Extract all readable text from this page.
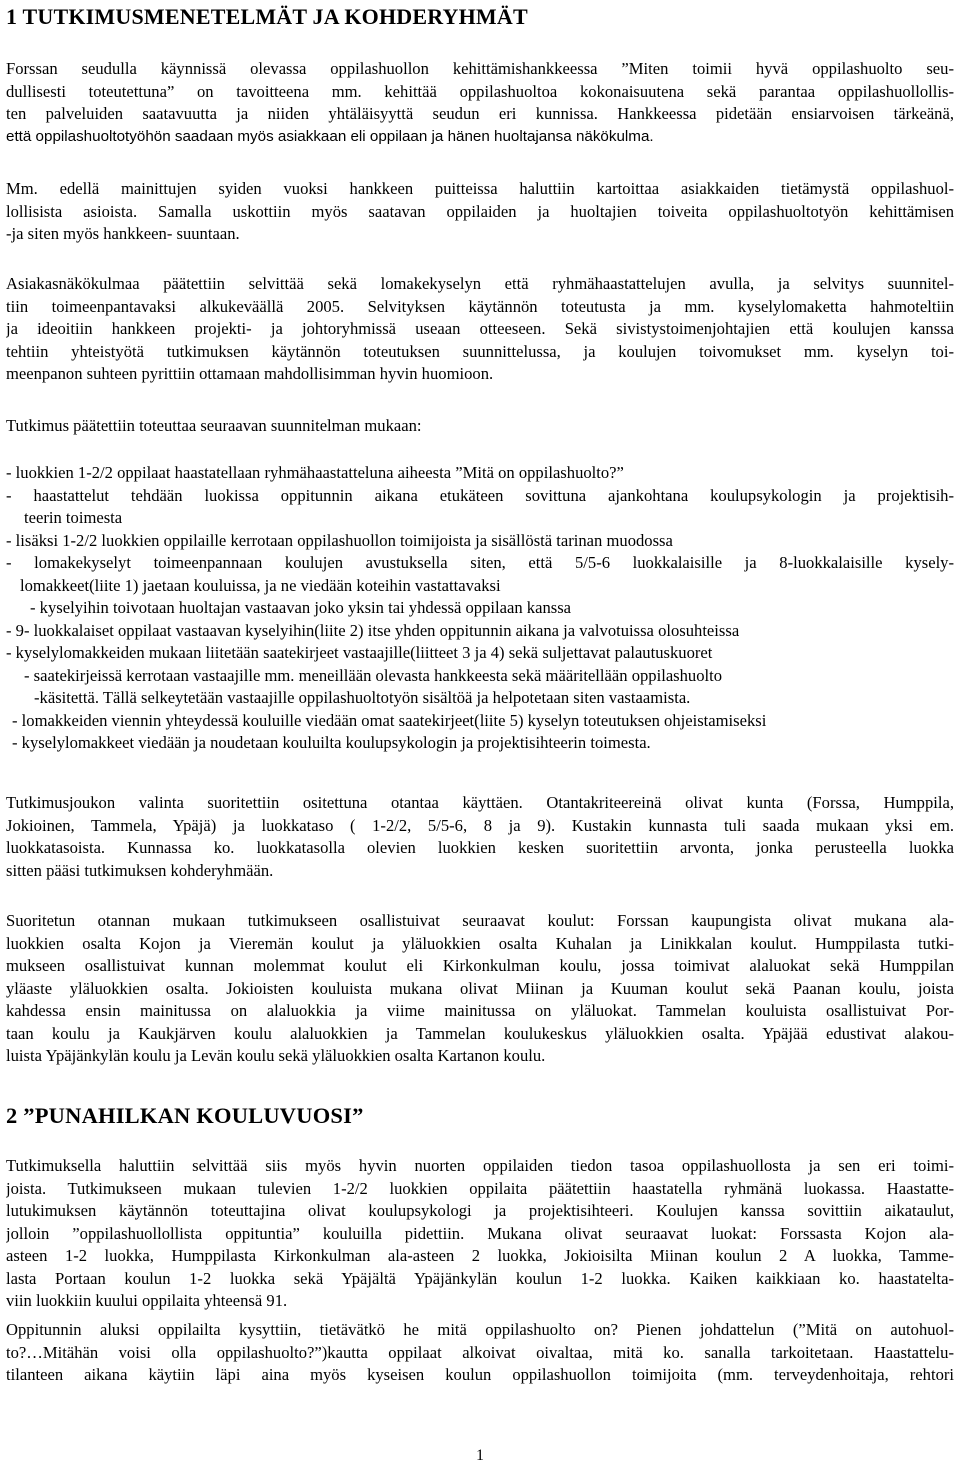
1 TUTKIMUSMENETELMÄT JA KOHDERYHMÄT
Forssan seudulla käynnissä olevassa oppilashuollon kehittämishankkeessa ”Miten toimii hyvä oppilashuolto seu-
dullisesti toteutettuna” on tavoitteena mm. kehittää oppilashuoltoa kokonaisuutena sekä parantaa oppilashuollollis-
ten palveluiden saatavuutta ja niiden yhtäläisyyttä seudun eri kunnissa. Hankkeessa pidetään ensiarvoisen tärkeänä,
että oppilashuoltotyöhön saadaan myös asiakkaan eli oppilaan ja hänen huoltajansa näkökulma.
Mm. edellä mainittujen syiden vuoksi hankkeen puitteissa haluttiin kartoittaa asiakkaiden tietämystä oppilashuol-
lollisista asioista. Samalla uskottiin myös saatavan oppilaiden ja huoltajien toiveita oppilashuoltotyön kehittämisen
-ja siten myös hankkeen- suuntaan.
Asiakasnäkökulmaa päätettiin selvittää sekä lomakekyselyn että ryhmähaastattelujen avulla, ja selvitys suunnitel-
tiin toimeenpantavaksi alkukeväällä 2005. Selvityksen käytännön toteutusta ja mm. kyselylomaketta hahmoteltiin
ja ideoitiin hankkeen projekti- ja johtoryhmissä useaan otteeseen. Sekä sivistystoimenjohtajien että koulujen kanssa
tehtiin yhteistyötä tutkimuksen käytännön toteutuksen suunnittelussa, ja koulujen toivomukset mm. kyselyn toi-
meenpanon suhteen pyrittiin ottamaan mahdollisimman hyvin huomioon.
Tutkimus päätettiin toteuttaa seuraavan suunnitelman mukaan:
- luokkien 1-2/2 oppilaat haastatellaan ryhmähaastatteluna aiheesta ”Mitä on oppilashuolto?”
- haastattelut tehdään luokissa oppitunnin aikana etukäteen sovittuna ajankohtana koulupsykologin ja projektisih-
teerin toimesta
- lisäksi 1-2/2 luokkien oppilaille kerrotaan oppilashuollon toimijoista ja sisällöstä tarinan muodossa
- lomakekyselyt toimeenpannaan koulujen avustuksella siten, että 5/5-6 luokkalaisille ja 8-luokkalaisille kysely-
lomakkeet(liite 1) jaetaan kouluissa, ja ne viedään koteihin vastattavaksi
- kyselyihin toivotaan huoltajan vastaavan joko yksin tai yhdessä oppilaan kanssa
- 9- luokkalaiset oppilaat vastaavan kyselyihin(liite 2) itse yhden oppitunnin aikana ja valvotuissa olosuhteissa
- kyselylomakkeiden mukaan liitetään saatekirjeet vastaajille(liitteet 3 ja 4) sekä suljettavat palautuskuoret
- saatekirjeissä kerrotaan vastaajille mm. meneillään olevasta hankkeesta sekä määritellään oppilashuolto
-käsitettä. Tällä selkeytetään vastaajille oppilashuoltotyön sisältöä ja helpotetaan siten vastaamista.
- lomakkeiden viennin yhteydessä kouluille viedään omat saatekirjeet(liite 5) kyselyn toteutuksen ohjeistamiseksi
- kyselylomakkeet viedään ja noudetaan kouluilta koulupsykologin ja projektisihteerin toimesta.
Tutkimusjoukon valinta suoritettiin ositettuna otantaa käyttäen. Otantakriteereinä olivat kunta (Forssa, Humppila,
Jokioinen, Tammela, Ypäjä) ja luokkataso ( 1-2/2, 5/5-6, 8 ja 9). Kustakin kunnasta tuli saada mukaan yksi em.
luokkatasoista. Kunnassa ko. luokkatasolla olevien luokkien kesken suoritettiin arvonta, jonka perusteella luokka
sitten pääsi tutkimuksen kohderyhmään.
Suoritetun otannan mukaan tutkimukseen osallistuivat seuraavat koulut: Forssan kaupungista olivat mukana ala-
luokkien osalta Kojon ja Vieremän koulut ja yläluokkien osalta Kuhalan ja Linikkalan koulut. Humppilasta tutki-
mukseen osallistuivat kunnan molemmat koulut eli Kirkonkulman koulu, jossa toimivat alaluokat sekä Humppilan
yläaste yläluokkien osalta. Jokioisten kouluista mukana olivat Miinan ja Kuuman koulut sekä Paanan koulu, joista
kahdessa ensin mainitussa on alaluokkia ja viime mainitussa on yläluokat. Tammelan kouluista osallistuivat Por-
taan koulu ja Kaukjärven koulu alaluokkien ja Tammelan koulukeskus yläluokkien osalta. Ypäjää edustivat alakou-
luista Ypäjänkylän koulu ja Levän koulu sekä yläluokkien osalta Kartanon koulu.
2 ”PUNAHILKAN KOULUVUOSI”
Tutkimuksella haluttiin selvittää siis myös hyvin nuorten oppilaiden tiedon tasoa oppilashuollosta ja sen eri toimi-
joista. Tutkimukseen mukaan tulevien 1-2/2 luokkien oppilaita päätettiin haastatella ryhmänä luokassa. Haastatte-
lutukimuksen käytännön toteuttajina olivat koulupsykologi ja projektisihteeri. Koulujen kanssa sovittiin aikataulut,
jolloin ”oppilashuollollista oppituntia” kouluilla pidettiin. Mukana olivat seuraavat luokat: Forssasta Kojon ala-
asteen 1-2 luokka, Humppilasta Kirkonkulman ala-asteen 2 luokka, Jokioisilta Miinan koulun 2 A luokka, Tamme-
lasta Portaan koulun 1-2 luokka sekä Ypäjältä Ypäjänkylän koulun 1-2 luokka. Kaiken kaikkiaan ko. haastatelta-
viin luokkiin kuului oppilaita yhteensä 91.
Oppitunnin aluksi oppilailta kysyttiin, tietävätkö he mitä oppilashuolto on? Pienen johdattelun (”Mitä on autohuol-
to?…Mitähän voisi olla oppilashuolto?”)kautta oppilaat alkoivat oivaltaa, mitä ko. sanalla tarkoitetaan. Haastattelu-
tilanteen aikana käytiin läpi aina myös kyseisen koulun oppilashuollon toimijoita (mm. terveydenhoitaja, rehtori
1
